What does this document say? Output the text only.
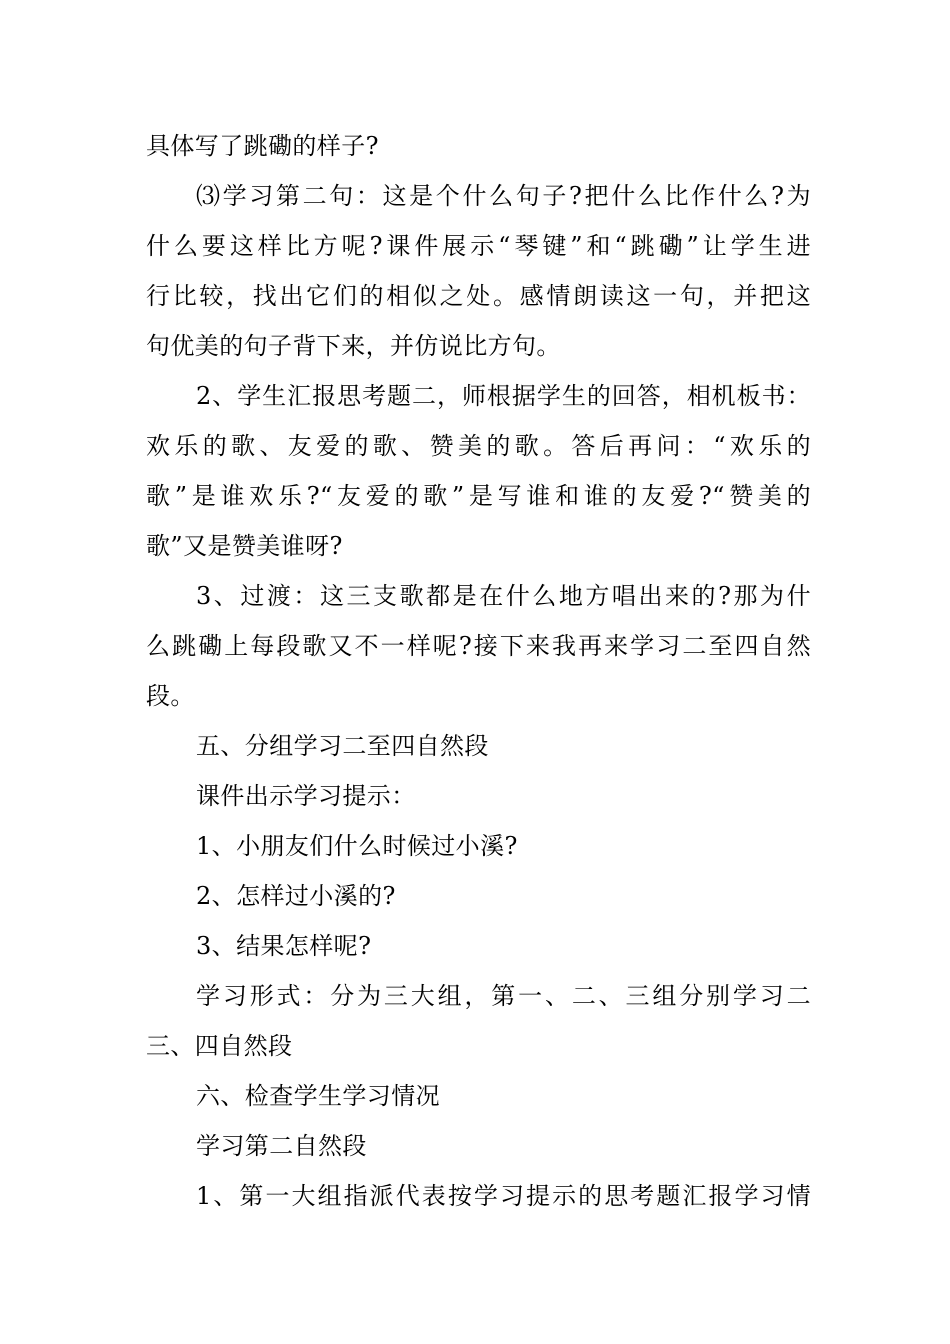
具体写了跳磡的样子?

⑶学习第二句：这是个什么句子?把什么比作什么?为

什么要这样比方呢?课件展示“琴键”和“跳磡”让学生进

行比较，找出它们的相似之处。感情朗读这一句，并把这

句优美的句子背下来，并仿说比方句。

2、学生汇报思考题二，师根据学生的回答，相机板书：

欢乐的歌、友爱的歌、赞美的歌。答后再问：“欢乐的

歌”是谁欢乐?“友爱的歌”是写谁和谁的友爱?“赞美的

歌”又是赞美谁呀?

3、过渡：这三支歌都是在什么地方唱出来的?那为什

么跳磡上每段歌又不一样呢?接下来我再来学习二至四自然

段。

五、分组学习二至四自然段

课件出示学习提示：

1、小朋友们什么时候过小溪?

2、怎样过小溪的?

3、结果怎样呢?

学习形式：分为三大组，第一、二、三组分别学习二

三、四自然段

六、检查学生学习情况

学习第二自然段

1、第一大组指派代表按学习提示的思考题汇报学习情
